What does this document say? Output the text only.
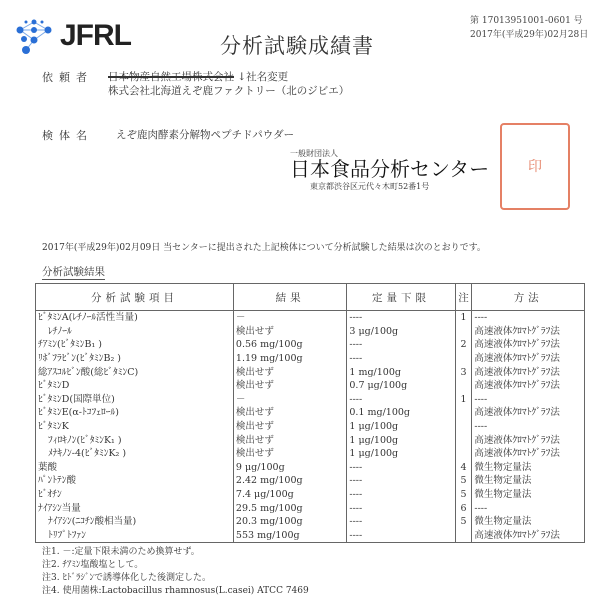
JFRL	分析試験成績書
第 17013951001-0601 号
2017年(平成29年)02月28日
依頼者 日本物産自然工場株式会社 ↓社名変更
株式会社北海道えぞ鹿ファクトリー（北のジビエ）
検体名 えぞ鹿肉酵素分解物ペプチドパウダー
印
一般財団法人
日本食品分析センター
東京都渋谷区元代々木町52番1号
2017年(平成29年)02月09日 当センターに提出された上記検体について分析試験した結果は次のとおりです。
分析試験結果
分析試験項目	結果	定量下限	注	方法
ﾋﾞﾀﾐﾝA(ﾚﾁﾉｰﾙ活性当量)	－	----	1	----
ﾚﾁﾉｰﾙ	検出せず	3 μg/100g		高速液体ｸﾛﾏﾄｸﾞﾗﾌ法
ﾁｱﾐﾝ(ﾋﾞﾀﾐﾝB₁ )	0.56 mg/100g	----	2	高速液体ｸﾛﾏﾄｸﾞﾗﾌ法
ﾘﾎﾞﾌﾗﾋﾞﾝ(ﾋﾞﾀﾐﾝB₂ )	1.19 mg/100g	----		高速液体ｸﾛﾏﾄｸﾞﾗﾌ法
総ｱｽｺﾙﾋﾞﾝ酸(総ﾋﾞﾀﾐﾝC)	検出せず	1 mg/100g	3	高速液体ｸﾛﾏﾄｸﾞﾗﾌ法
ﾋﾞﾀﾐﾝD	検出せず	0.7 μg/100g		高速液体ｸﾛﾏﾄｸﾞﾗﾌ法
ﾋﾞﾀﾐﾝD(国際単位)	－	----	1	----
ﾋﾞﾀﾐﾝE(α-ﾄｺﾌｪﾛｰﾙ)	検出せず	0.1 mg/100g		高速液体ｸﾛﾏﾄｸﾞﾗﾌ法
ﾋﾞﾀﾐﾝK	検出せず	1 μg/100g		----
ﾌｨﾛｷﾉﾝ(ﾋﾞﾀﾐﾝK₁ )	検出せず	1 μg/100g		高速液体ｸﾛﾏﾄｸﾞﾗﾌ法
ﾒﾅｷﾉﾝ-4(ﾋﾞﾀﾐﾝK₂ )	検出せず	1 μg/100g		高速液体ｸﾛﾏﾄｸﾞﾗﾌ法
葉酸	9 μg/100g	----	4	微生物定量法
ﾊﾟﾝﾄﾃﾝ酸	2.42 mg/100g	----	5	微生物定量法
ﾋﾞｵﾁﾝ	7.4 μg/100g	----	5	微生物定量法
ﾅｲｱｼﾝ当量	29.5 mg/100g	----	6	----
ﾅｲｱｼﾝ(ﾆｺﾁﾝ酸相当量)	20.3 mg/100g	----	5	微生物定量法
ﾄﾘﾌﾟﾄﾌｧﾝ	553 mg/100g	----		高速液体ｸﾛﾏﾄｸﾞﾗﾌ法
注1. －:定量下限未満のため換算せず。
注2. ﾁｱﾐﾝ塩酸塩として。
注3. ﾋﾄﾞﾗｼﾞﾝで誘導体化した後測定した。
注4. 使用菌株:Lactobacillus rhamnosus(L.casei) ATCC 7469
